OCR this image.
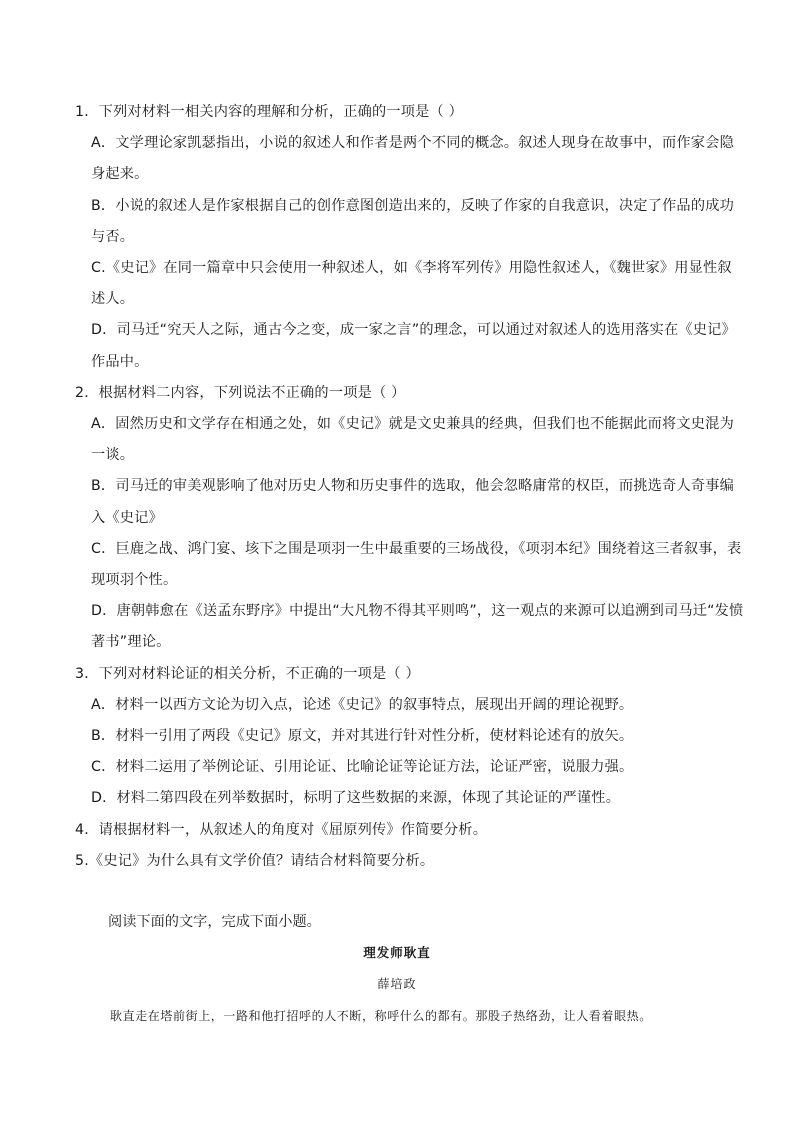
1．下列对材料一相关内容的理解和分析，正确的一项是（ ）
A．文学理论家凯瑟指出，小说的叙述人和作者是两个不同的概念。叙述人现身在故事中，而作家会隐
身起来。
B．小说的叙述人是作家根据自己的创作意图创造出来的，反映了作家的自我意识，决定了作品的成功
与否。
C.《史记》在同一篇章中只会使用一种叙述人，如《李将军列传》用隐性叙述人，《魏世家》用显性叙
述人。
D．司马迁“究天人之际，通古今之变，成一家之言”的理念，可以通过对叙述人的选用落实在《史记》
作品中。
2．根据材料二内容，下列说法不正确的一项是（ ）
A．固然历史和文学存在相通之处，如《史记》就是文史兼具的经典，但我们也不能据此而将文史混为
一谈。
B．司马迁的审美观影响了他对历史人物和历史事件的选取，他会忽略庸常的权臣，而挑选奇人奇事编
入《史记》
C．巨鹿之战、鸿门宴、垓下之围是项羽一生中最重要的三场战役，《项羽本纪》围绕着这三者叙事，表
现项羽个性。
D．唐朝韩愈在《送孟东野序》中提出“大凡物不得其平则鸣”，这一观点的来源可以追溯到司马迁“发愤
著书”理论。
3．下列对材料论证的相关分析，不正确的一项是（ ）
A．材料一以西方文论为切入点，论述《史记》的叙事特点，展现出开阔的理论视野。
B．材料一引用了两段《史记》原文，并对其进行针对性分析，使材料论述有的放矢。
C．材料二运用了举例论证、引用论证、比喻论证等论证方法，论证严密，说服力强。
D．材料二第四段在列举数据时，标明了这些数据的来源，体现了其论证的严谨性。
4．请根据材料一，从叙述人的角度对《屈原列传》作简要分析。
5.《史记》为什么具有文学价值？请结合材料简要分析。
阅读下面的文字，完成下面小题。
理发师耿直
薛培政
耿直走在塔前街上，一路和他打招呼的人不断，称呼什么的都有。那股子热络劲，让人看着眼热。
